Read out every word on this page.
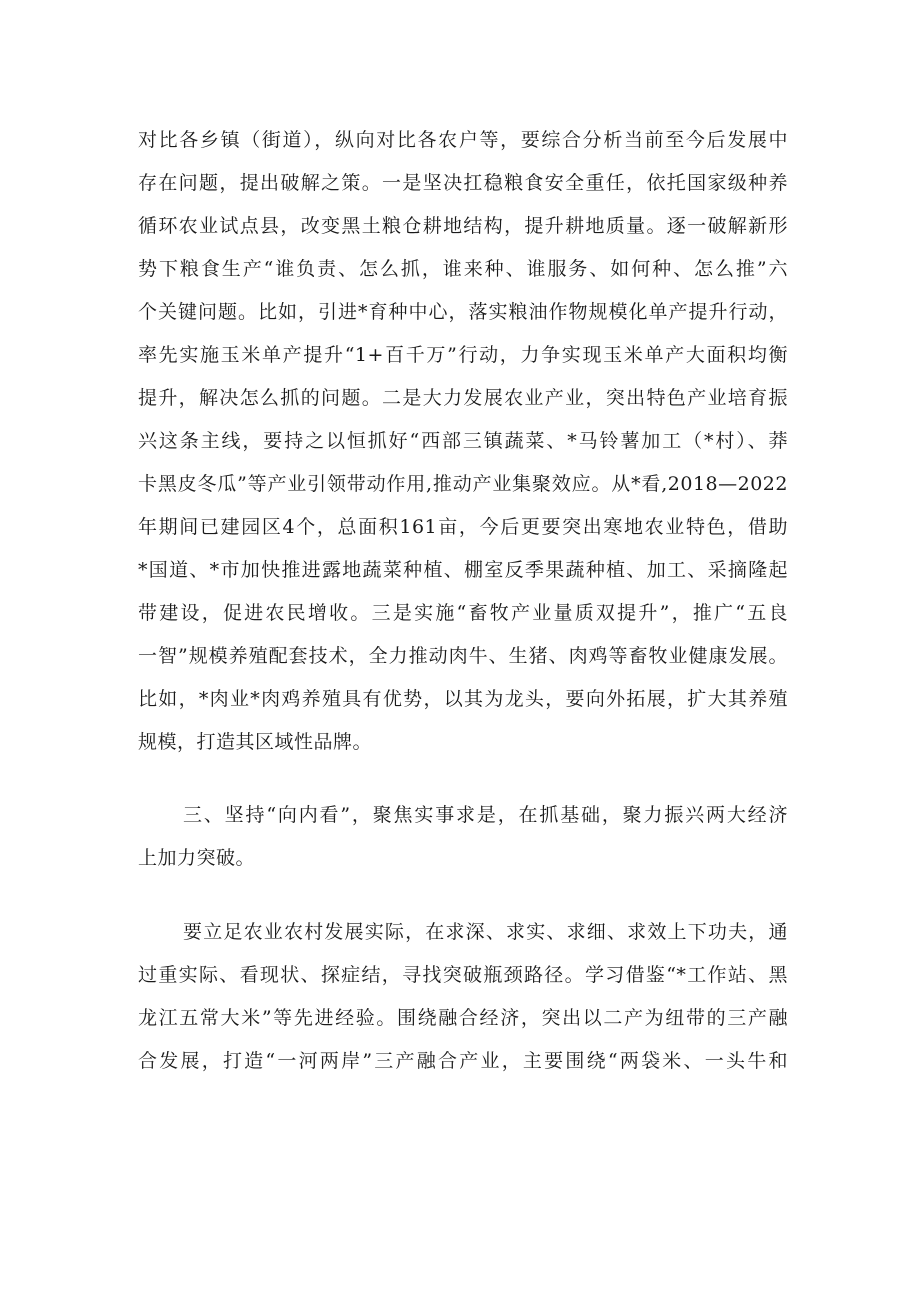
对比各乡镇（街道），纵向对比各农户等，要综合分析当前至今后发展中
存在问题，提出破解之策。一是坚决扛稳粮食安全重任，依托国家级种养
循环农业试点县，改变黑土粮仓耕地结构，提升耕地质量。逐一破解新形
势下粮食生产“谁负责、怎么抓，谁来种、谁服务、如何种、怎么推”六
个关键问题。比如，引进*育种中心，落实粮油作物规模化单产提升行动，
率先实施玉米单产提升“1+百千万”行动，力争实现玉米单产大面积均衡
提升，解决怎么抓的问题。二是大力发展农业产业，突出特色产业培育振
兴这条主线，要持之以恒抓好“西部三镇蔬菜、*马铃薯加工（*村）、莽
卡黑皮冬瓜”等产业引领带动作用,推动产业集聚效应。从*看,2018—2022
年期间已建园区4个，总面积161亩，今后更要突出寒地农业特色，借助
*国道、*市加快推进露地蔬菜种植、棚室反季果蔬种植、加工、采摘隆起
带建设，促进农民增收。三是实施“畜牧产业量质双提升”，推广“五良
一智”规模养殖配套技术，全力推动肉牛、生猪、肉鸡等畜牧业健康发展。
比如，*肉业*肉鸡养殖具有优势，以其为龙头，要向外拓展，扩大其养殖
规模，打造其区域性品牌。
三、坚持“向内看”，聚焦实事求是，在抓基础，聚力振兴两大经济
上加力突破。
要立足农业农村发展实际，在求深、求实、求细、求效上下功夫，通
过重实际、看现状、探症结，寻找突破瓶颈路径。学习借鉴“*工作站、黑
龙江五常大米”等先进经验。围绕融合经济，突出以二产为纽带的三产融
合发展，打造“一河两岸”三产融合产业，主要围绕“两袋米、一头牛和
